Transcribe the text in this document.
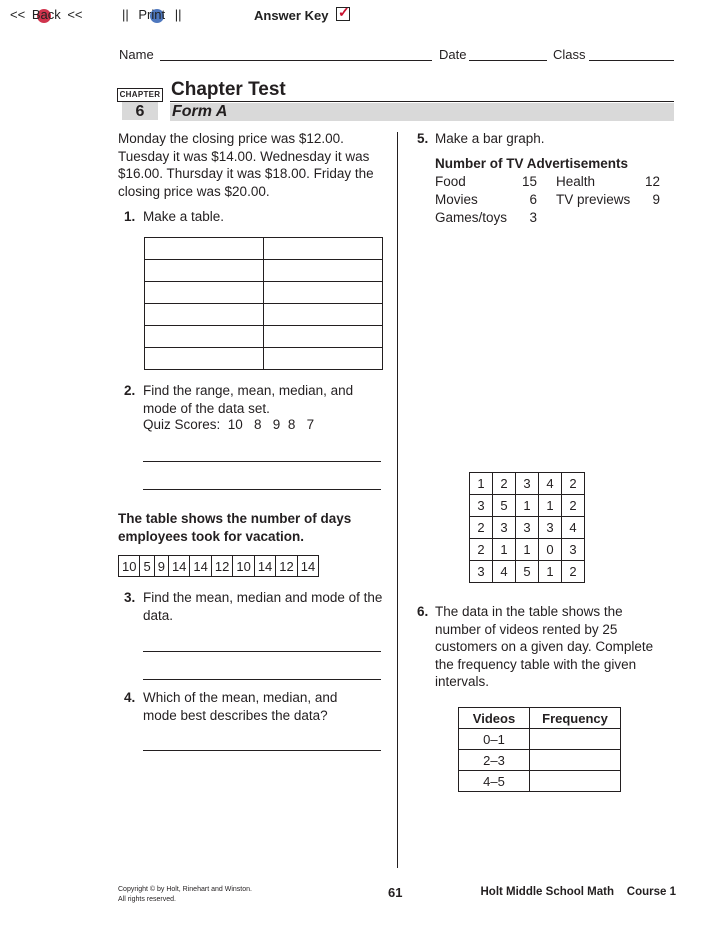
<< Back <<	|| Print ||	Answer Key ✓
Name	Date	Class
CHAPTER
6
Chapter Test
Form A
Monday the closing price was $12.00. Tuesday it was $14.00. Wednesday it was $16.00. Thursday it was $18.00. Friday the closing price was $20.00.
1. Make a table.

2. Find the range, mean, median, and mode of the data set.
Quiz Scores:  10   8   9  8   7
The table shows the number of days employees took for vacation.
10	5	9	14	14	12	10	14	12	14
3. Find the mean, median and mode of the data.
4. Which of the mean, median, and mode best describes the data?
5. Make a bar graph.
Number of TV Advertisements
Food	15 Health	12
Movies	6 TV previews	9
Games/toys	3
1	2	3	4	2
3	5	1	1	2
2	3	3	3	4
2	1	1	0	3
3	4	5	1	2
6. The data in the table shows the number of videos rented by 25 customers on a given day. Complete the frequency table with the given intervals.
Videos	Frequency
0–1	
2–3	
4–5	
Copyright © by Holt, Rinehart and Winston.
All rights reserved.	61	Holt Middle School Math    Course 1
